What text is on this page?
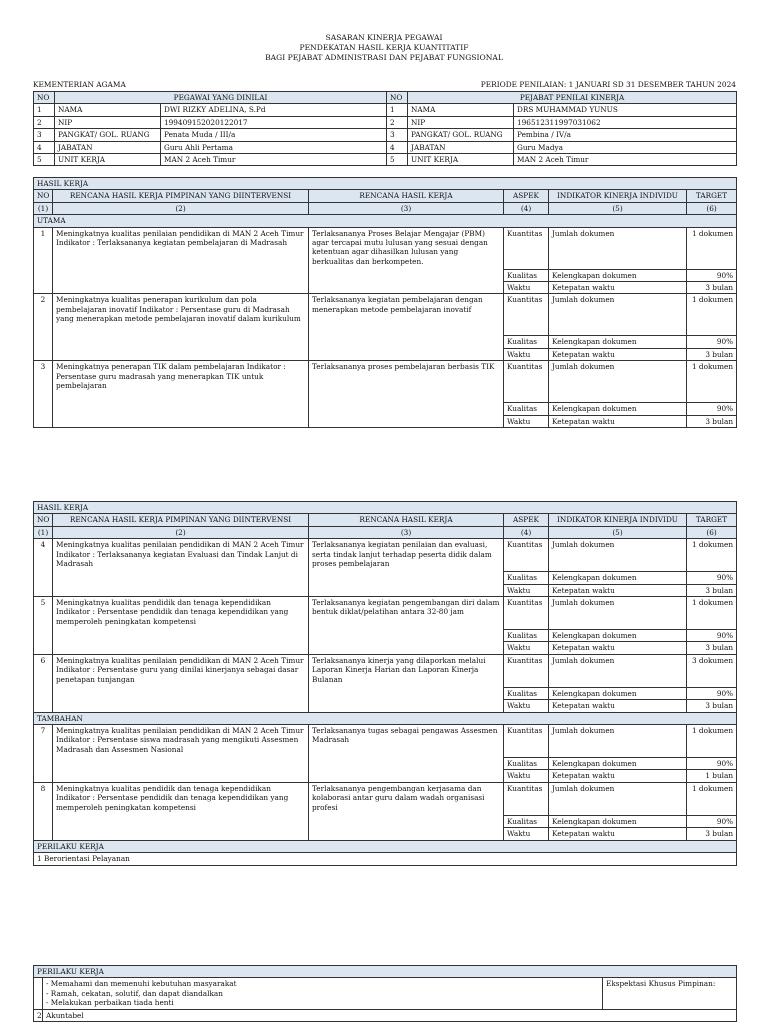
SASARAN KINERJA PEGAWAI
PENDEKATAN HASIL KERJA KUANTITATIF
BAGI PEJABAT ADMINISTRASI DAN PEJABAT FUNGSIONAL
KEMENTERIAN AGAMA	PERIODE PENILAIAN: 1 JANUARI SD 31 DESEMBER TAHUN 2024
NO	PEGAWAI YANG DINILAI		NO	PEJABAT PENILAI KINERJA	
1	NAMA	DWI RIZKY ADELINA, S.Pd	1	NAMA	DRS MUHAMMAD YUNUS
2	NIP	199409152020122017	2	NIP	196512311997031062
3	PANGKAT/ GOL. RUANG	Penata Muda / III/a	3	PANGKAT/ GOL. RUANG	Pembina / IV/a
4	JABATAN	Guru Ahli Pertama	4	JABATAN	Guru Madya
5	UNIT KERJA	MAN 2 Aceh Timur	5	UNIT KERJA	MAN 2 Aceh Timur
HASIL KERJA					
NO	RENCANA HASIL KERJA PIMPINAN YANG DIINTERVENSI	RENCANA HASIL KERJA	ASPEK	INDIKATOR KINERJA INDIVIDU	TARGET
(1)	(2)	(3)	(4)	(5)	(6)
UTAMA					
1	Meningkatnya kualitas penilaian pendidikan di MAN 2 Aceh Timur Indikator : Terlaksananya kegiatan pembelajaran di Madrasah	Terlaksananya Proses Belajar Mengajar (PBM) agar tercapai mutu lulusan yang sesuai dengan ketentuan agar dihasilkan lulusan yang berkualitas dan berkompeten.	Kuantitas	Jumlah dokumen	1 dokumen
			Kualitas	Kelengkapan dokumen	90%
			Waktu	Ketepatan waktu	3 bulan
2	Meningkatnya kualitas penerapan kurikulum dan pola pembelajaran inovatif Indikator : Persentase guru di Madrasah yang menerapkan metode pembelajaran inovatif dalam kurikulum	Terlaksananya kegiatan pembelajaran dengan menerapkan metode pembelajaran inovatif	Kuantitas	Jumlah dokumen	1 dokumen
			Kualitas	Kelengkapan dokumen	90%
			Waktu	Ketepatan waktu	3 bulan
3	Meningkatnya penerapan TIK dalam pembelajaran Indikator : Persentase guru madrasah yang menerapkan TIK untuk pembelajaran	Terlaksananya proses pembelajaran berbasis TIK	Kuantitas	Jumlah dokumen	1 dokumen
			Kualitas	Kelengkapan dokumen	90%
			Waktu	Ketepatan waktu	3 bulan
HASIL KERJA					
NO	RENCANA HASIL KERJA PIMPINAN YANG DIINTERVENSI	RENCANA HASIL KERJA	ASPEK	INDIKATOR KINERJA INDIVIDU	TARGET
(1)	(2)	(3)	(4)	(5)	(6)
4	Meningkatnya kualitas penilaian pendidikan di MAN 2 Aceh Timur Indikator : Terlaksananya kegiatan Evaluasi dan Tindak Lanjut di Madrasah	Terlaksananya kegiatan penilaian dan evaluasi, serta tindak lanjut terhadap peserta didik dalam proses pembelajaran	Kuantitas	Jumlah dokumen	1 dokumen
			Kualitas	Kelengkapan dokumen	90%
			Waktu	Ketepatan waktu	3 bulan
5	Meningkatnya kualitas pendidik dan tenaga kependidikan Indikator : Persentase pendidik dan tenaga kependidikan yang memperoleh peningkatan kompetensi	Terlaksananya kegiatan pengembangan diri dalam bentuk diklat/pelatihan antara 32-80 jam	Kuantitas	Jumlah dokumen	1 dokumen
			Kualitas	Kelengkapan dokumen	90%
			Waktu	Ketepatan waktu	3 bulan
6	Meningkatnya kualitas penilaian pendidikan di MAN 2 Aceh Timur Indikator : Persentase guru yang dinilai kinerjanya sebagai dasar penetapan tunjangan	Terlaksananya kinerja yang dilaporkan melalui Laporan Kinerja Harian dan Laporan Kinerja Bulanan	Kuantitas	Jumlah dokumen	3 dokumen
			Kualitas	Kelengkapan dokumen	90%
			Waktu	Ketepatan waktu	3 bulan
TAMBAHAN					
7	Meningkatnya kualitas penilaian pendidikan di MAN 2 Aceh Timur Indikator : Persentase siswa madrasah yang mengikuti Assesmen Madrasah dan Assesmen Nasional	Terlaksananya tugas sebagai pengawas Assesmen Madrasah	Kuantitas	Jumlah dokumen	1 dokumen
			Kualitas	Kelengkapan dokumen	90%
			Waktu	Ketepatan waktu	1 bulan
8	Meningkatnya kualitas pendidik dan tenaga kependidikan Indikator : Persentase pendidik dan tenaga kependidikan yang memperoleh peningkatan kompetensi	Terlaksananya pengembangan kerjasama dan kolaborasi antar guru dalam wadah organisasi profesi	Kuantitas	Jumlah dokumen	1 dokumen
			Kualitas	Kelengkapan dokumen	90%
			Waktu	Ketepatan waktu	3 bulan
PERILAKU KERJA					
1 Berorientasi Pelayanan					
PERILAKU KERJA		

	- Memahami dan memenuhi kebutuhan masyarakat
- Ramah, cekatan, solutif, dan dapat diandalkan
- Melakukan perbaikan tiada henti	Ekspektasi Khusus Pimpinan:
2	Akuntabel	
